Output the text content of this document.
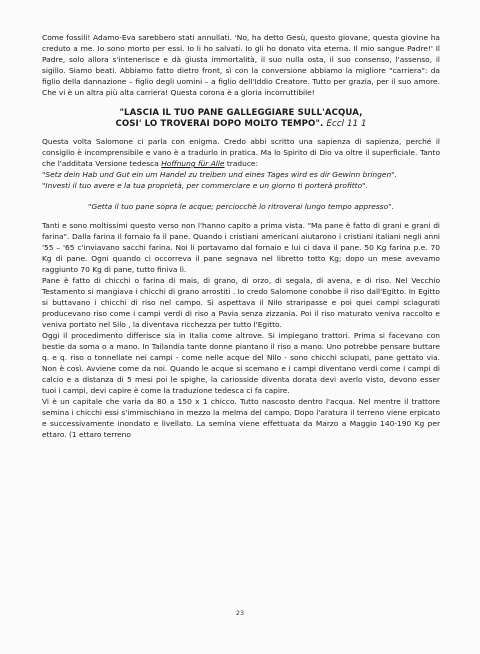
Come fossili! Adamo-Eva sarebbero stati annullati. 'No, ha detto Gesù, questo giovane, questa giovine ha creduto a me. Io sono morto per essi. Io li ho salvati. Io gli ho donato vita eterna. Il mio sangue Padre!' Il Padre, solo allora s'intenerisce e dà giusta immortalità, il suo nulla osta, il suo consenso, l'assenso, il sigillo. Siamo beati. Abbiamo fatto dietro front, sì con la conversione abbiamo la migliore "carriera": da figlio della dannazione – figlio degli uomini – a figlio dell'Iddio Creatore. Tutto per grazia, per il suo amore. Che vi è un altra più alta carriera! Questa corona è a gloria incorruttibile!

"LASCIA IL TUO PANE GALLEGGIARE SULL'ACQUA,
COSI' LO TROVERAI DOPO MOLTO TEMPO". Eccl 11 1

Questa volta Salomone ci parla con enigma. Credo abbi scritto una sapienza di sapienza, perché il consiglio è incomprensibile e vano è a tradurlo in pratica. Ma lo Spirito di Dio va oltre il superficiale. Tanto che l'additata Versione tedesca Hoffnung für Alle traduce:

"Setz dein Hab und Gut ein um Handel zu treiben und eines Tages wird es dir Gewinn bringen".

"Investi il tuo avere e la tua proprietà, per commerciare e un giorno ti porterà profitto".

"Getta il tuo pane sopra le acque; perciocchè lo ritroverai lungo tempo appresso".

Tanti e sono moltissimi questo verso non l'hanno capito a prima vista. "Ma pane è fatto di grani e grani di farina". Dalla farina il fornaio fa il pane. Quando i cristiani americani aiutarono i cristiani italiani negli anni '55 – '65 c'inviavano sacchi farina. Noi li portavamo dal fornaio e lui ci dava il pane. 50 Kg farina p.e. 70 Kg di pane. Ogni quando ci occorreva il pane segnava nel libretto totto Kg; dopo un mese avevamo raggiunto 70 Kg di pane, tutto finiva lì.

Pane è fatto di chicchi o farina di mais, di grano, di orzo, di segala, di avena, e di riso. Nel Vecchio Testamento si mangiava i chicchi di grano arrostiti . Io credo Salomone conobbe il riso dall'Egitto. In Egitto si buttavano i chicchi di riso nel campo. Si aspettava il Nilo straripasse e poi quei campi sciagurati producevano riso come i campi verdi di riso a Pavia senza zizzania. Poi il riso maturato veniva raccolto e veniva portato nel Silo , la diventava ricchezza per tutto l'Egitto.

Oggi il procedimento differisce sia in Italia come altrove. Si impiegano trattori. Prima si facevano con bestie da soma o a mano. In Tailandia tante donne piantano il riso a mano. Uno potrebbe pensare buttare q. e q. riso o tonnellate nei campi - come nelle acque del Nilo - sono chicchi sciupati, pane gettato via. Non è così. Avviene come da noi. Quando le acque si scemano e i campi diventano verdi come i campi di calcio e a distanza di 5 mesi poi le spighe, la cariosside diventa dorata devi averlo visto, devono esser tuoi i campi, devi capire è come la traduzione tedesca ci fa capire.

Vi è un capitale che varia da 80 a 150 x 1 chicco. Tutto nascosto dentro l'acqua. Nel mentre il trattore semina i chicchi essi s'immischiano in mezzo la melma del campo. Dopo l'aratura il terreno viene erpicato e successivamente inondato e livellato. La semina viene effettuata da Marzo a Maggio 140-190 Kg per ettaro. (1 ettaro terreno

23
